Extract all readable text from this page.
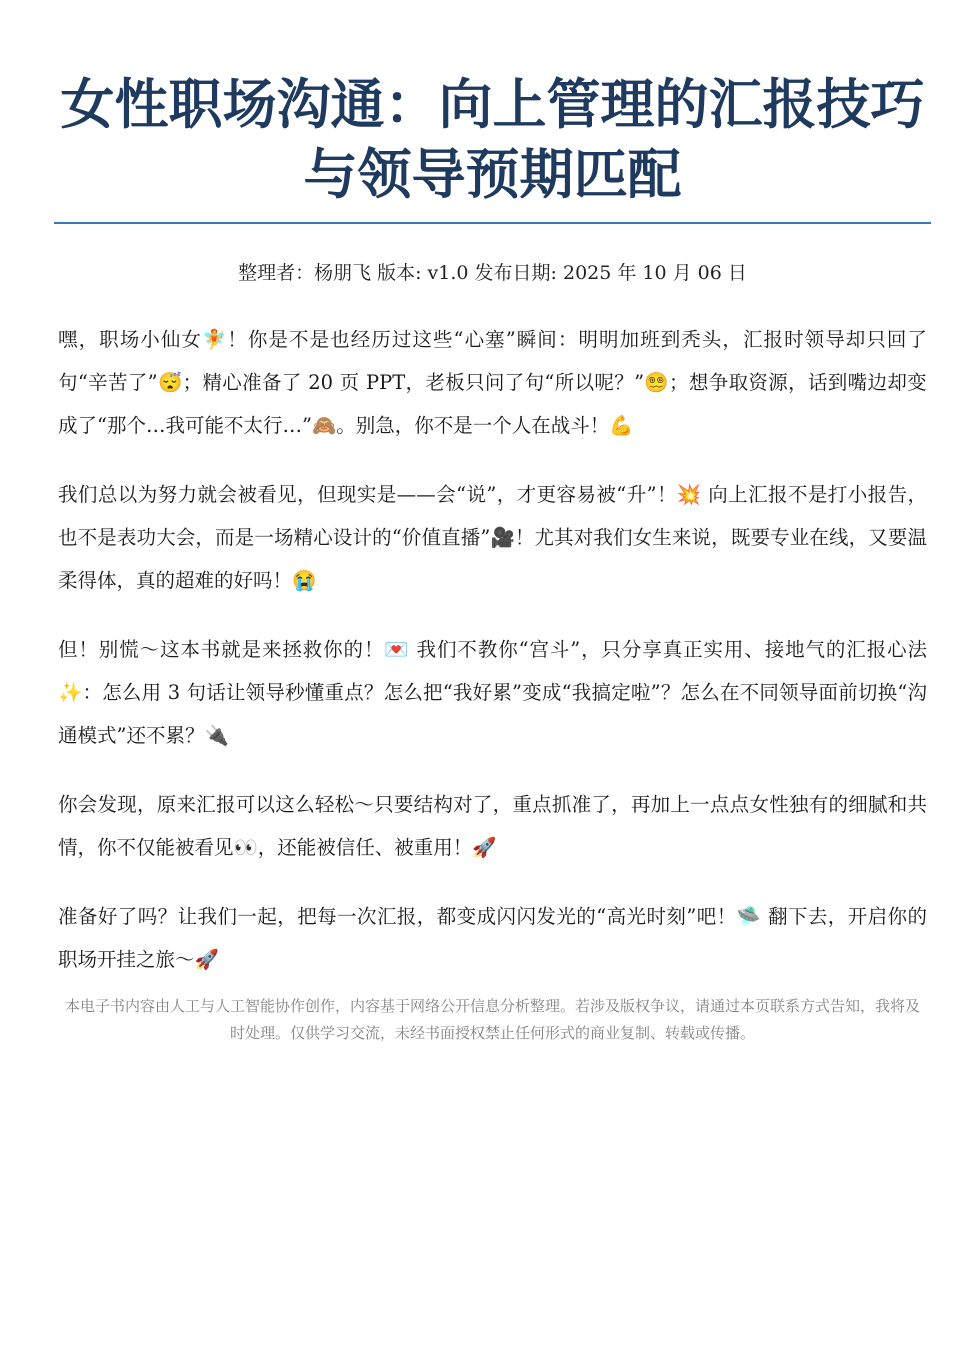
女性职场沟通：向上管理的汇报技巧与领导预期匹配
整理者：杨朋飞 版本: v1.0 发布日期: 2025 年 10 月 06 日

嘿，职场小仙女🧚！你是不是也经历过这些“心塞”瞬间：明明加班到秃头，汇报时领导却只回了句“辛苦了”😴；精心准备了 20 页 PPT，老板只问了句“所以呢？”😵‍💫；想争取资源，话到嘴边却变成了“那个…我可能不太行…”🙈。别急，你不是一个人在战斗！💪

我们总以为努力就会被看见，但现实是——会“说”，才更容易被“升”！💥 向上汇报不是打小报告，也不是表功大会，而是一场精心设计的“价值直播”🎥！尤其对我们女生来说，既要专业在线，又要温柔得体，真的超难的好吗！😭

但！别慌～这本书就是来拯救你的！💌 我们不教你“宫斗”，只分享真正实用、接地气的汇报心法✨：怎么用 3 句话让领导秒懂重点？怎么把“我好累”变成“我搞定啦”？怎么在不同领导面前切换“沟通模式”还不累？🔌

你会发现，原来汇报可以这么轻松～只要结构对了，重点抓准了，再加上一点点女性独有的细腻和共情，你不仅能被看见👀，还能被信任、被重用！🚀

准备好了吗？让我们一起，把每一次汇报，都变成闪闪发光的“高光时刻”吧！🛸 翻下去，开启你的职场开挂之旅～🚀

本电子书内容由人工与人工智能协作创作，内容基于网络公开信息分析整理。若涉及版权争议，请通过本页联系方式告知，我将及时处理。仅供学习交流，未经书面授权禁止任何形式的商业复制、转载或传播。
